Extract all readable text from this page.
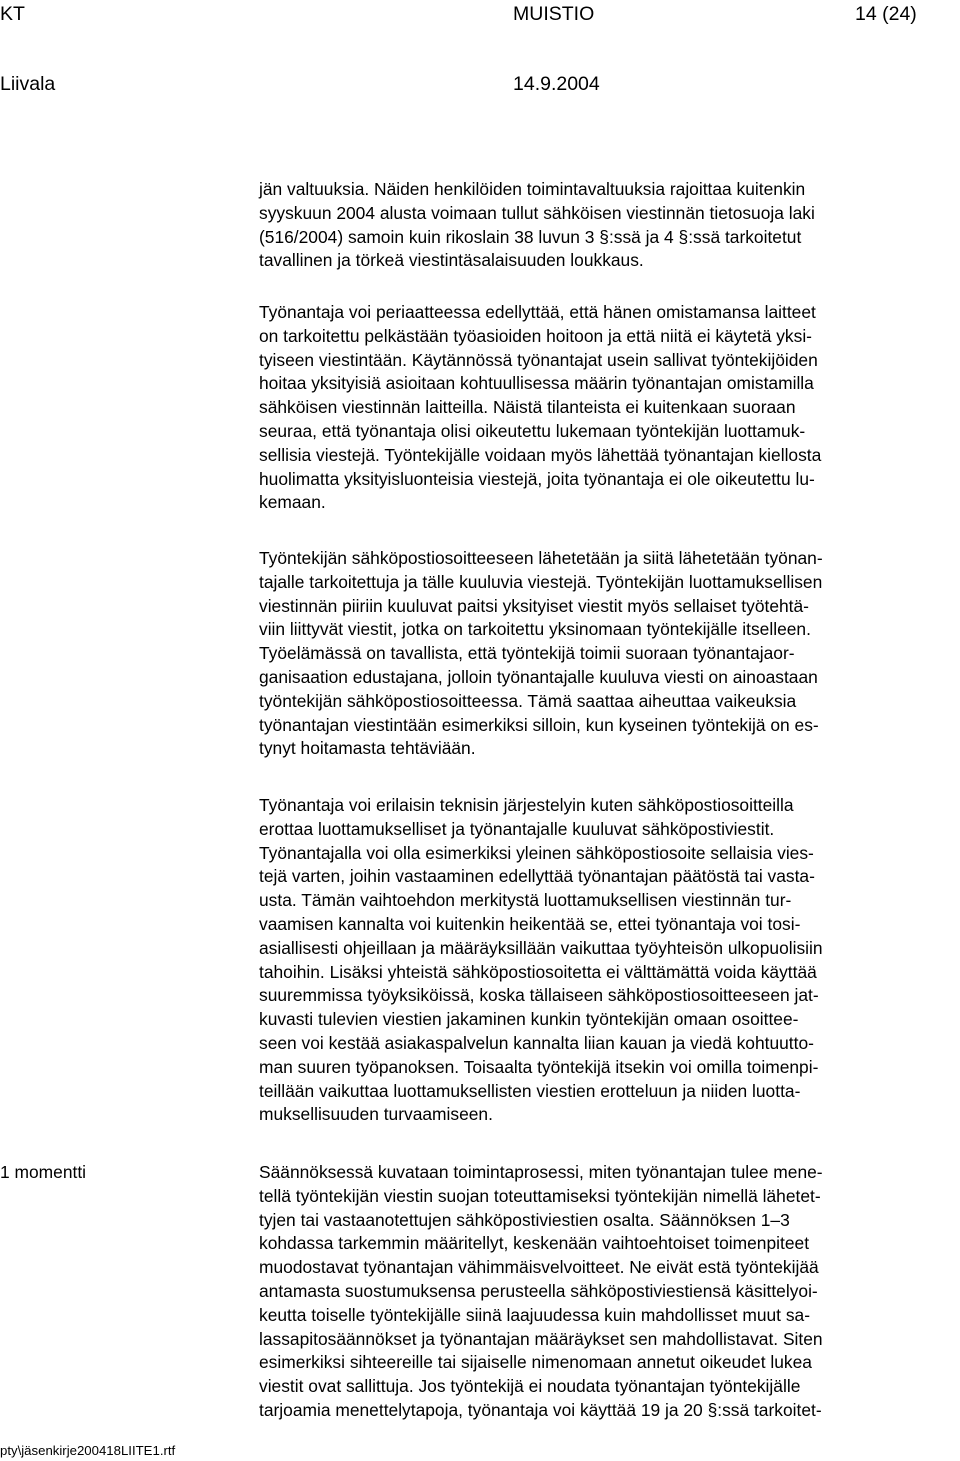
KT	MUISTIO	14 (24)
Liivala	14.9.2004
1 momentti
jän valtuuksia. Näiden henkilöiden toimintavaltuuksia rajoittaa kuitenkin
syyskuun 2004 alusta voimaan tullut sähköisen viestinnän tietosuoja laki
(516/2004) samoin kuin rikoslain 38 luvun 3 §:ssä ja 4 §:ssä tarkoitetut
tavallinen ja törkeä viestintäsalaisuuden loukkaus.
Työnantaja voi periaatteessa edellyttää, että hänen omistamansa laitteet
on tarkoitettu pelkästään työasioiden hoitoon ja että niitä ei käytetä yksi-
tyiseen viestintään. Käytännössä työnantajat usein sallivat työntekijöiden
hoitaa yksityisiä asioitaan kohtuullisessa määrin työnantajan omistamilla
sähköisen viestinnän laitteilla. Näistä tilanteista ei kuitenkaan suoraan
seuraa, että työnantaja olisi oikeutettu lukemaan työntekijän luottamuk-
sellisia viestejä. Työntekijälle voidaan myös lähettää työnantajan kiellosta
huolimatta yksityisluonteisia viestejä, joita työnantaja ei ole oikeutettu lu-
kemaan.
Työntekijän sähköpostiosoitteeseen lähetetään ja siitä lähetetään työnan-
tajalle tarkoitettuja ja tälle kuuluvia viestejä. Työntekijän luottamuksellisen
viestinnän piiriin kuuluvat paitsi yksityiset viestit myös sellaiset työtehtä-
viin liittyvät viestit, jotka on tarkoitettu yksinomaan työntekijälle itselleen.
Työelämässä on tavallista, että työntekijä toimii suoraan työnantajaor-
ganisaation edustajana, jolloin työnantajalle kuuluva viesti on ainoastaan
työntekijän sähköpostiosoitteessa. Tämä saattaa aiheuttaa vaikeuksia
työnantajan viestintään esimerkiksi silloin, kun kyseinen työntekijä on es-
tynyt hoitamasta tehtäviään.
Työnantaja voi erilaisin teknisin järjestelyin kuten sähköpostiosoitteilla
erottaa luottamukselliset ja työnantajalle kuuluvat sähköpostiviestit.
Työnantajalla voi olla esimerkiksi yleinen sähköpostiosoite sellaisia vies-
tejä varten, joihin vastaaminen edellyttää työnantajan päätöstä tai vasta-
usta. Tämän vaihtoehdon merkitystä luottamuksellisen viestinnän tur-
vaamisen kannalta voi kuitenkin heikentää se, ettei työnantaja voi tosi-
asiallisesti ohjeillaan ja määräyksillään vaikuttaa työyhteisön ulkopuolisiin
tahoihin. Lisäksi yhteistä sähköpostiosoitetta ei välttämättä voida käyttää
suuremmissa työyksiköissä, koska tällaiseen sähköpostiosoitteeseen jat-
kuvasti tulevien viestien jakaminen kunkin työntekijän omaan osoittee-
seen voi kestää asiakaspalvelun kannalta liian kauan ja viedä kohtuutto-
man suuren työpanoksen. Toisaalta työntekijä itsekin voi omilla toimenpi-
teillään vaikuttaa luottamuksellisten viestien erotteluun ja niiden luotta-
muksellisuuden turvaamiseen.
Säännöksessä kuvataan toimintaprosessi, miten työnantajan tulee mene-
tellä työntekijän viestin suojan toteuttamiseksi työntekijän nimellä lähetet-
tyjen tai vastaanotettujen sähköpostiviestien osalta. Säännöksen 1–3
kohdassa tarkemmin määritellyt, keskenään vaihtoehtoiset toimenpiteet
muodostavat työnantajan vähimmäisvelvoitteet. Ne eivät estä työntekijää
antamasta suostumuksensa perusteella sähköpostiviestiensä käsittelyoi-
keutta toiselle työntekijälle siinä laajuudessa kuin mahdollisset muut sa-
lassapitosäännökset ja työnantajan määräykset sen mahdollistavat. Siten
esimerkiksi sihteereille tai sijaiselle nimenomaan annetut oikeudet lukea
viestit ovat sallittuja. Jos työntekijä ei noudata työnantajan työntekijälle
tarjoamia menettelytapoja, työnantaja voi käyttää 19 ja 20 §:ssä tarkoitet-
pty\jäsenkirje200418LIITE1.rtf
